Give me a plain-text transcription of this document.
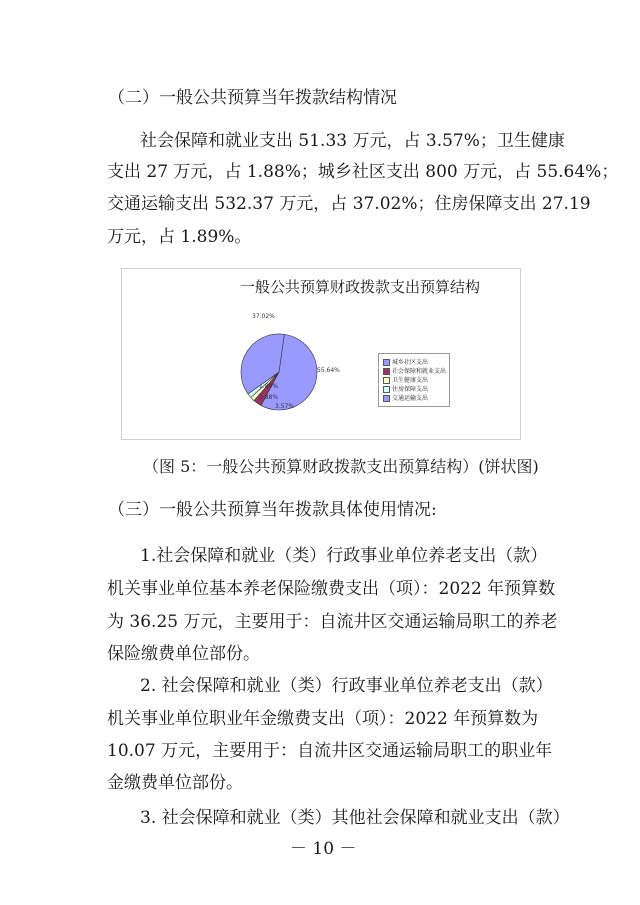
（二）一般公共预算当年拨款结构情况
社会保障和就业支出 51.33 万元，占 3.57%；卫生健康
支出 27 万元，占 1.88%；城乡社区支出 800 万元，占 55.64%；
交通运输支出 532.37 万元，占 37.02%；住房保障支出 27.19
万元，占 1.89%。
一般公共预算财政拨款支出预算结构
55.64%
3.57%
1.88%
1.89%
37.02%
城乡社区支出
社会保障和就业支出
卫生健康支出
住房保障支出
交通运输支出
（图 5：一般公共预算财政拨款支出预算结构）(饼状图)
（三）一般公共预算当年拨款具体使用情况:
1.社会保障和就业（类）行政事业单位养老支出（款）
机关事业单位基本养老保险缴费支出（项）：2022 年预算数
为 36.25 万元，主要用于：自流井区交通运输局职工的养老
保险缴费单位部份。
2. 社会保障和就业（类）行政事业单位养老支出（款）
机关事业单位职业年金缴费支出（项）：2022 年预算数为
10.07 万元，主要用于：自流井区交通运输局职工的职业年
金缴费单位部份。
3. 社会保障和就业（类）其他社会保障和就业支出（款）
－ 10 －
